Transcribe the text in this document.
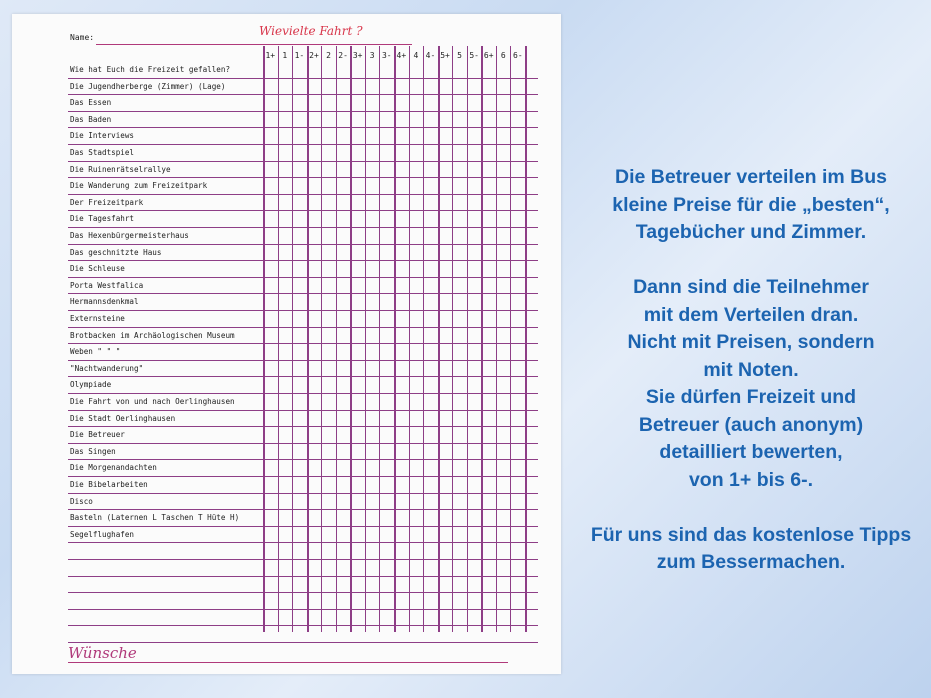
Name:	Wievielte Fahrt ?
1+ 1 1- 2+ 2 2- 3+ 3 3- 4+ 4 4- 5+ 5 5- 6+ 6 6-
Wünsche
Wie hat Euch die Freizeit gefallen?
Die Jugendherberge (Zimmer) (Lage)
Das Essen
Das Baden
Die Interviews
Das Stadtspiel
Die Ruinenrätselrallye
Die Wanderung zum Freizeitpark
Der Freizeitpark
Die Tagesfahrt
Das Hexenbürgermeisterhaus
Das geschnitzte Haus
Die Schleuse
Porta Westfalica
Hermannsdenkmal
Externsteine
Brotbacken im Archäologischen Museum
Weben " " "
"Nachtwanderung"
Olympiade
Die Fahrt von und nach Oerlinghausen
Die Stadt Oerlinghausen
Die Betreuer
Das Singen
Die Morgenandachten
Die Bibelarbeiten
Disco
Basteln (Laternen L Taschen T Hüte H)
Segelflughafen

Die Betreuer verteilen im Bus kleine Preise für die „besten“, Tagebücher und Zimmer.

Dann sind die Teilnehmer

mit dem Verteilen dran.

Nicht mit Preisen, sondern

mit Noten.

Sie dürfen Freizeit und

Betreuer (auch anonym)

detailliert bewerten,

von 1+ bis 6-.

Für uns sind das kostenlose Tipps zum Bessermachen.
